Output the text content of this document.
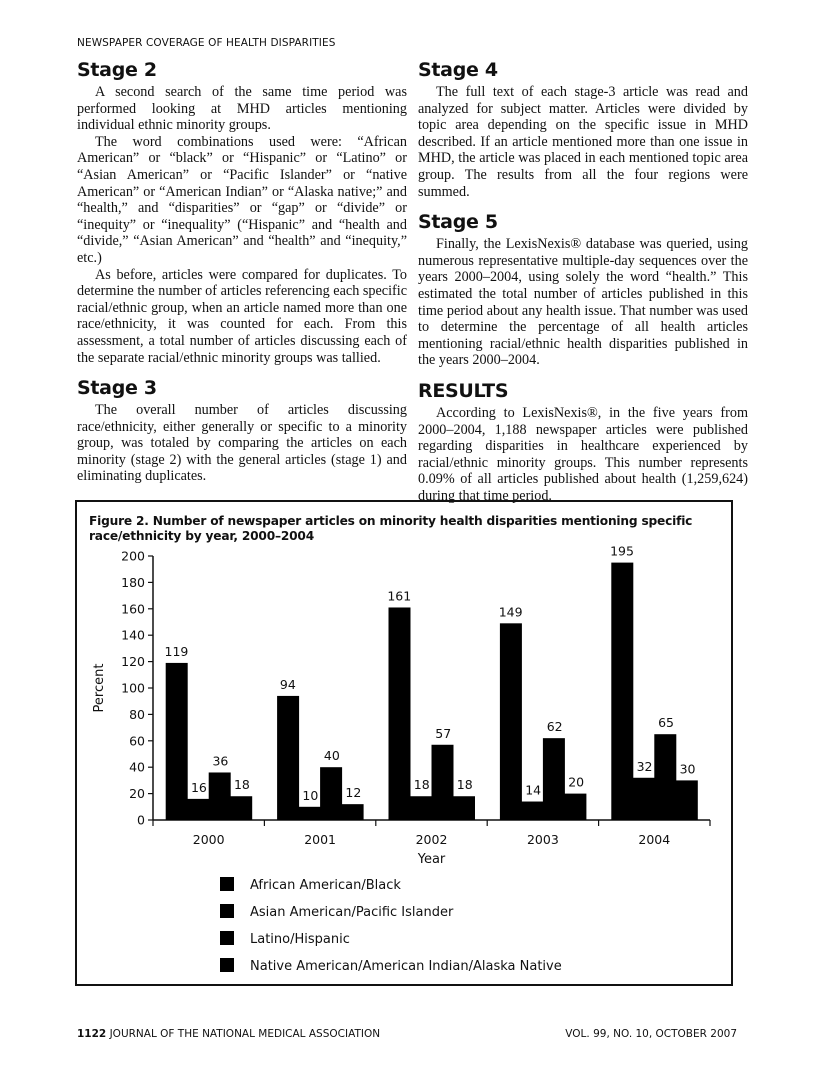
NEWSPAPER COVERAGE OF HEALTH DISPARITIES
Stage 2

A second search of the same time period was performed looking at MHD articles mentioning individual ethnic minority groups.

The word combinations used were: “African American” or “black” or “Hispanic” or “Latino” or “Asian American” or “Pacific Islander” or “native American” or “American Indian” or “Alaska native;” and “health,” and “disparities” or “gap” or “divide” or “inequity” or “inequality” (“Hispanic” and “health and “divide,” “Asian American” and “health” and “inequity,” etc.)

As before, articles were compared for duplicates. To determine the number of articles referencing each specific racial/ethnic group, when an article named more than one race/ethnicity, it was counted for each. From this assessment, a total number of articles discussing each of the separate racial/ethnic minority groups was tallied.

Stage 3

The overall number of articles discussing race/ethnicity, either generally or specific to a minority group, was totaled by comparing the articles on each minority (stage 2) with the general articles (stage 1) and eliminating duplicates.

Stage 4

The full text of each stage-3 article was read and analyzed for subject matter. Articles were divided by topic area depending on the specific issue in MHD described. If an article mentioned more than one issue in MHD, the article was placed in each mentioned topic area group. The results from all the four regions were summed.

Stage 5

Finally, the LexisNexis® database was queried, using numerous representative multiple-day sequences over the years 2000–2004, using solely the word “health.” This estimated the total number of articles published in this time period about any health issue. That number was used to determine the percentage of all health articles mentioning racial/ethnic health disparities published in the years 2000–2004.

RESULTS

According to LexisNexis®, in the five years from 2000–2004, 1,188 newspaper articles were published regarding disparities in healthcare experienced by racial/ethnic minority groups. This number represents 0.09% of all articles published about health (1,259,624) during that time period.

Figure 2. Number of newspaper articles on minority health disparities mentioning specific race/ethnicity by year, 2000–2004
0
20
40
60
80
100
120
140
160
180
200
Percent
119
16
36
18
2000
94
10
40
12
2001
161
18
57
18
2002
149
14
62
20
2003
195
32
65
30
2004
Year
African American/Black
Asian American/Pacific Islander
Latino/Hispanic
Native American/American Indian/Alaska Native
1122 JOURNAL OF THE NATIONAL MEDICAL ASSOCIATION	VOL. 99, NO. 10, OCTOBER 2007
